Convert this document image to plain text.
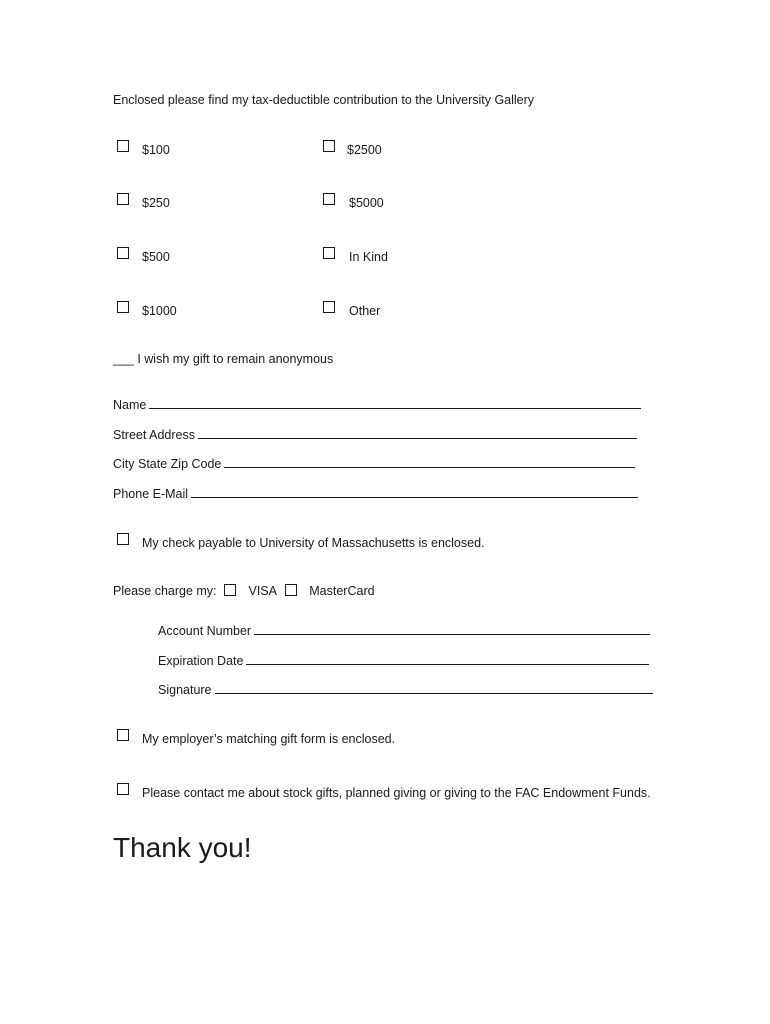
Enclosed please find my tax-deductible contribution to the University Gallery
$100
$250
$500
$1000
$2500
$5000
In Kind
Other
___ I wish my gift to remain anonymous
Name
Street Address
City State Zip Code
Phone E-Mail
My check payable to University of Massachusetts is enclosed.
Please charge my:	VISA	MasterCard
Account Number
Expiration Date
Signature
My employer’s matching gift form is enclosed.
Please contact me about stock gifts, planned giving or giving to the FAC Endowment Funds.
Thank you!
